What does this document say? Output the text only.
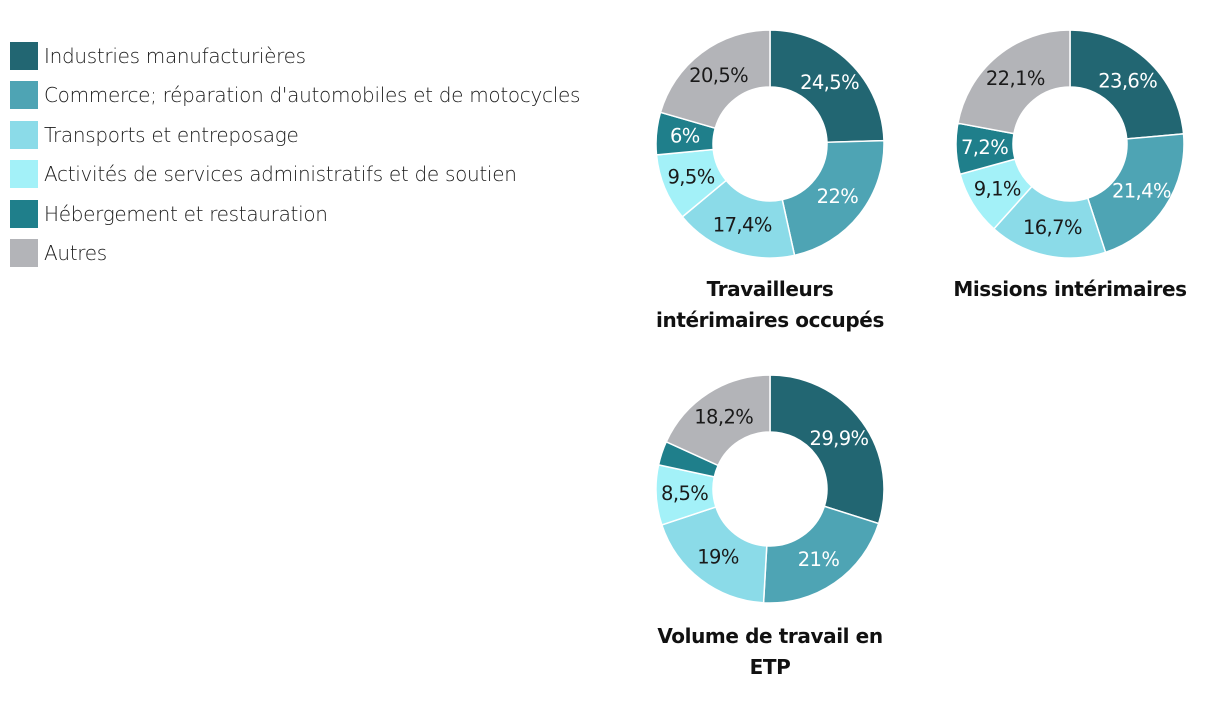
Industries manufacturières
Commerce; réparation d'automobiles et de motocycles
Transports et entreposage
Activités de services administratifs et de soutien
Hébergement et restauration
Autres
24,5%
22%
17,4%
9,5%
6%
20,5%
Travailleurs intérimaires occupés
23,6%
21,4%
16,7%
9,1%
7,2%
22,1%
Missions intérimaires
29,9%
21%
19%
8,5%
18,2%
Volume de travail en ETP
